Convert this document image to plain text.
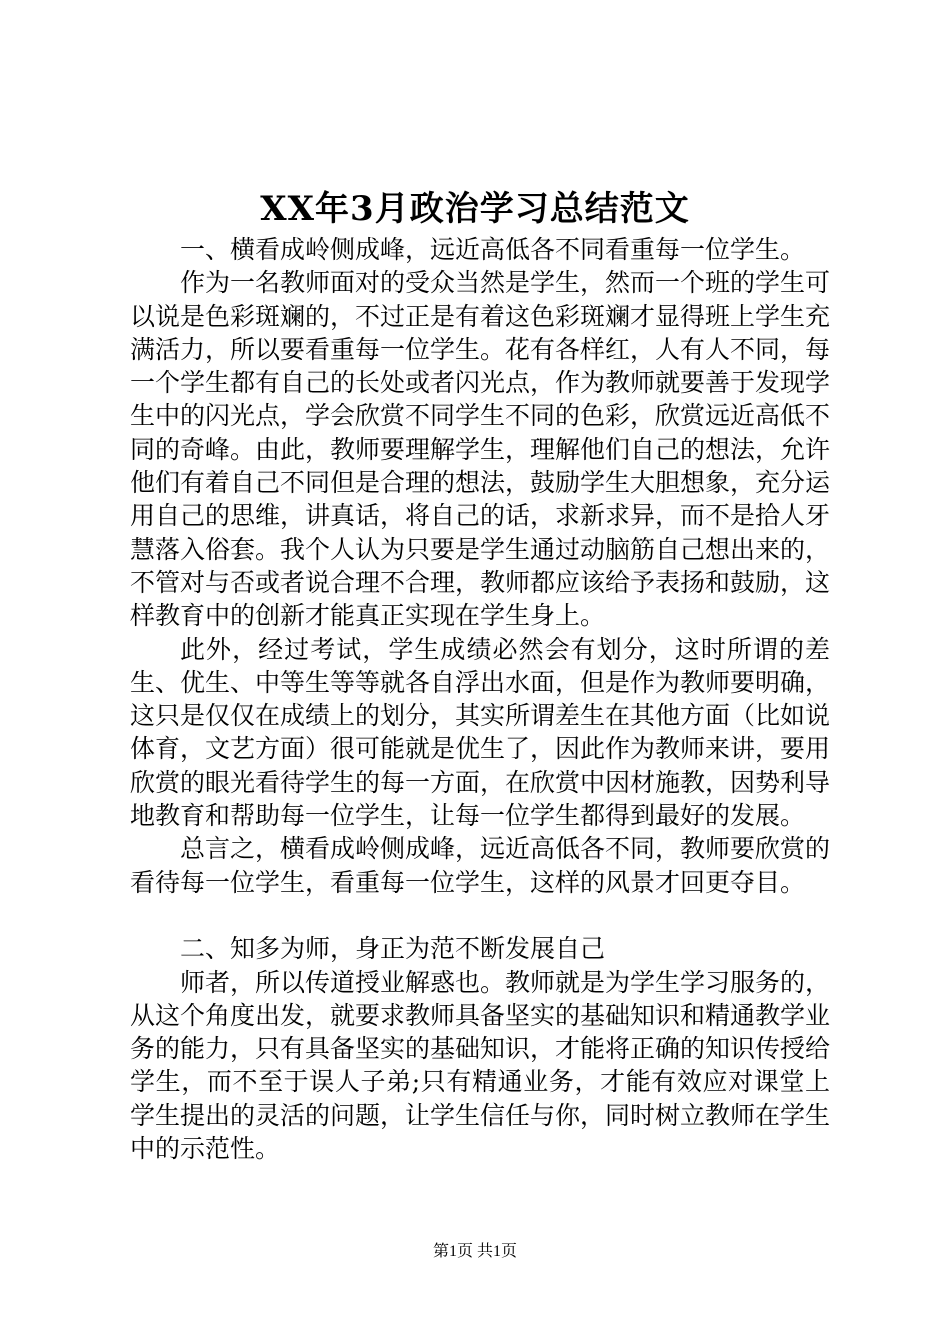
XX年3月政治学习总结范文

一、横看成岭侧成峰，远近高低各不同看重每一位学生。

作为一名教师面对的受众当然是学生，然而一个班的学生可以说是色彩斑斓的，不过正是有着这色彩斑斓才显得班上学生充满活力，所以要看重每一位学生。花有各样红，人有人不同，每一个学生都有自己的长处或者闪光点，作为教师就要善于发现学生中的闪光点，学会欣赏不同学生不同的色彩，欣赏远近高低不同的奇峰。由此，教师要理解学生，理解他们自己的想法，允许他们有着自己不同但是合理的想法，鼓励学生大胆想象，充分运用自己的思维，讲真话，将自己的话，求新求异，而不是拾人牙慧落入俗套。我个人认为只要是学生通过动脑筋自己想出来的，不管对与否或者说合理不合理，教师都应该给予表扬和鼓励，这样教育中的创新才能真正实现在学生身上。

此外，经过考试，学生成绩必然会有划分，这时所谓的差生、优生、中等生等等就各自浮出水面，但是作为教师要明确，这只是仅仅在成绩上的划分，其实所谓差生在其他方面（比如说体育，文艺方面）很可能就是优生了，因此作为教师来讲，要用欣赏的眼光看待学生的每一方面，在欣赏中因材施教，因势利导地教育和帮助每一位学生，让每一位学生都得到最好的发展。

总言之，横看成岭侧成峰，远近高低各不同，教师要欣赏的看待每一位学生，看重每一位学生，这样的风景才回更夺目。

二、知多为师，身正为范不断发展自己

师者，所以传道授业解惑也。教师就是为学生学习服务的，从这个角度出发，就要求教师具备坚实的基础知识和精通教学业务的能力，只有具备坚实的基础知识，才能将正确的知识传授给学生，而不至于误人子弟;只有精通业务，才能有效应对课堂上学生提出的灵活的问题，让学生信任与你，同时树立教师在学生中的示范性。

第1页 共1页
